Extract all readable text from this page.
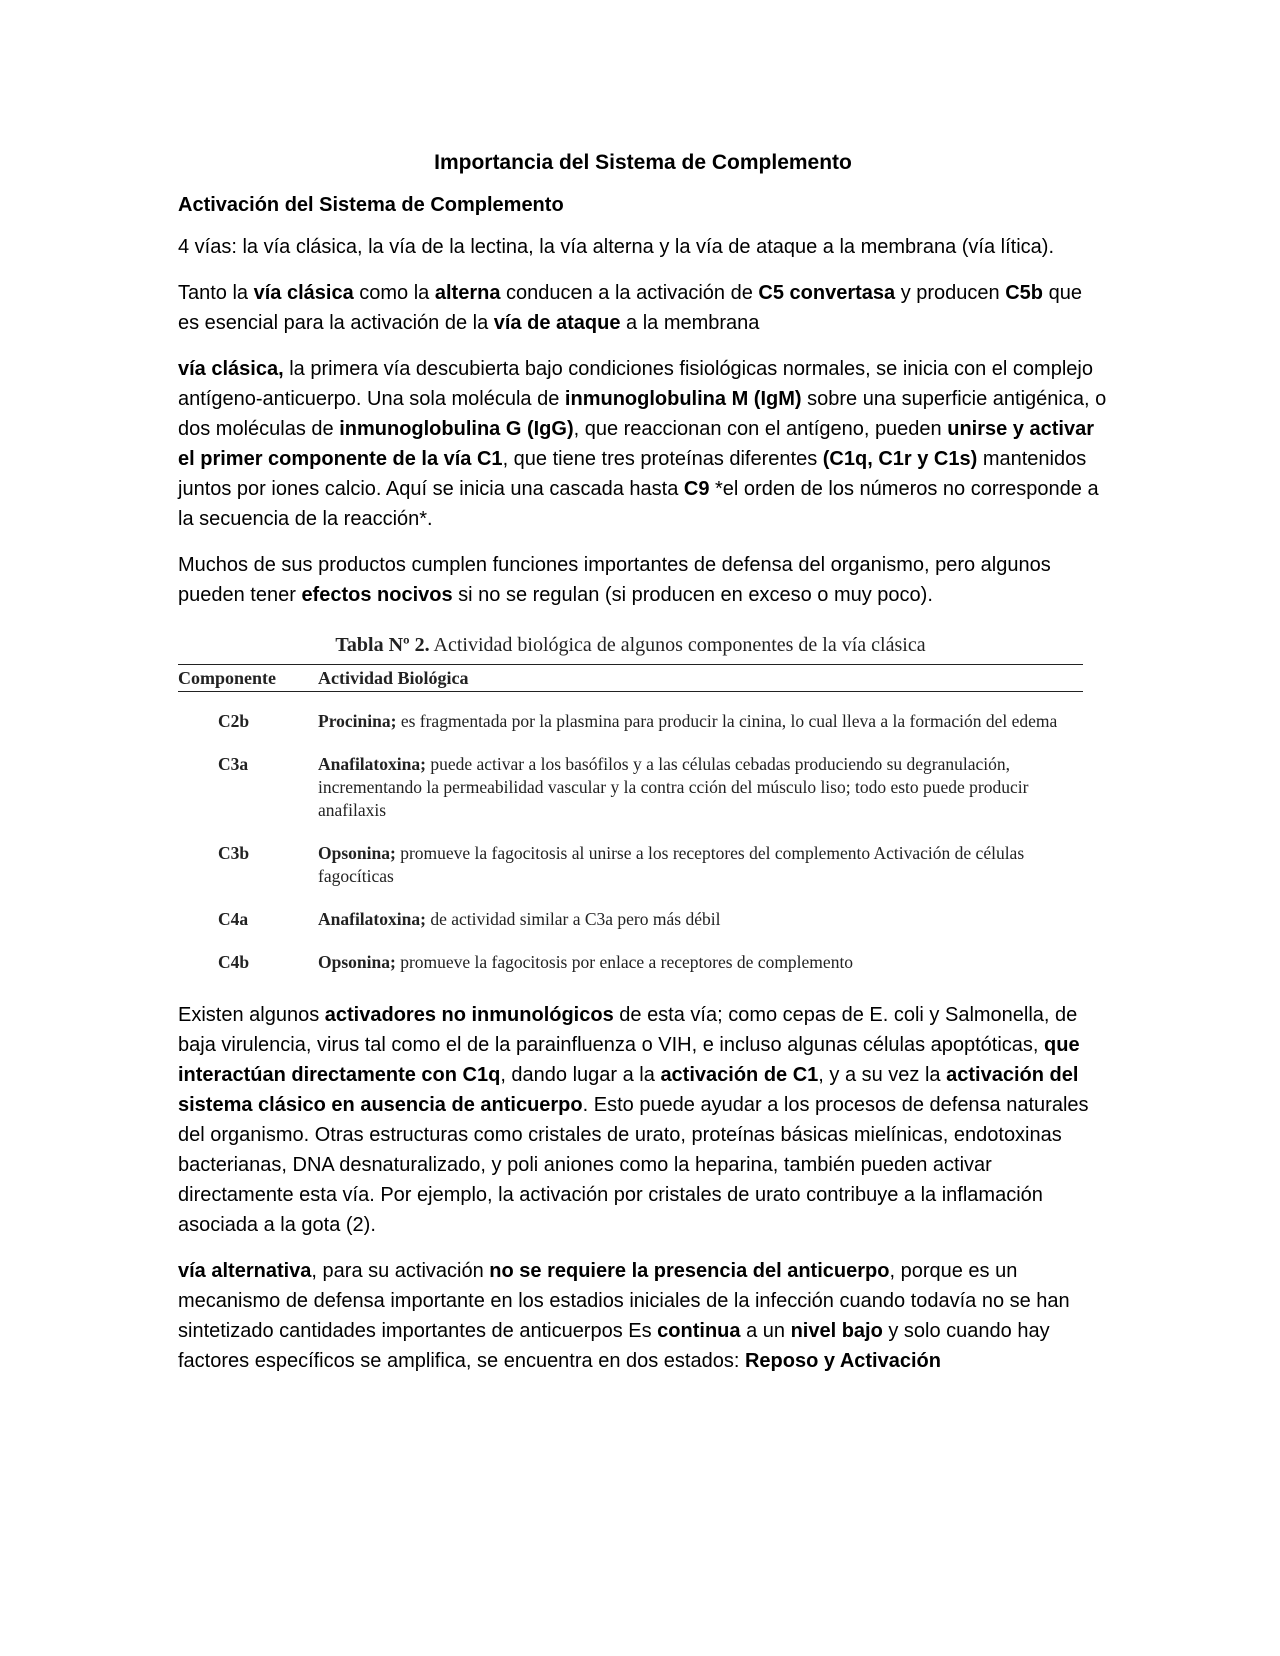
Importancia del Sistema de Complemento
Activación del Sistema de Complemento

4 vías: la vía clásica, la vía de la lectina, la vía alterna y la vía de ataque a la membrana (vía lítica).

Tanto la vía clásica como la alterna conducen a la activación de C5 convertasa y producen C5b que es esencial para la activación de la vía de ataque a la membrana

vía clásica, la primera vía descubierta bajo condiciones fisiológicas normales, se inicia con el complejo antígeno-anticuerpo. Una sola molécula de inmunoglobulina M (IgM) sobre una superficie antigénica, o dos moléculas de inmunoglobulina G (IgG), que reaccionan con el antígeno, pueden unirse y activar el primer componente de la vía C1, que tiene tres proteínas diferentes (C1q, C1r y C1s) mantenidos juntos por iones calcio. Aquí se inicia una cascada hasta C9 *el orden de los números no corresponde a la secuencia de la reacción*.

Muchos de sus productos cumplen funciones importantes de defensa del organismo, pero algunos pueden tener efectos nocivos si no se regulan (si producen en exceso o muy poco).

Tabla Nº 2. Actividad biológica de algunos componentes de la vía clásica
Componente	Actividad Biológica
C2b	Procinina; es fragmentada por la plasmina para producir la cinina, lo cual lleva a la formación del edema
C3a	Anafilatoxina; puede activar a los basófilos y a las células cebadas produciendo su degranulación, incrementando la permeabilidad vascular y la contra cción del músculo liso; todo esto puede producir anafilaxis
C3b	Opsonina; promueve la fagocitosis al unirse a los receptores del complemento Activación de células fagocíticas
C4a	Anafilatoxina; de actividad similar a C3a pero más débil
C4b	Opsonina; promueve la fagocitosis por enlace a receptores de complemento

Existen algunos activadores no inmunológicos de esta vía; como cepas de E. coli y Salmonella, de baja virulencia, virus tal como el de la parainfluenza o VIH, e incluso algunas células apoptóticas, que interactúan directamente con C1q, dando lugar a la activación de C1, y a su vez la activación del sistema clásico en ausencia de anticuerpo. Esto puede ayudar a los procesos de defensa naturales del organismo. Otras estructuras como cristales de urato, proteínas básicas mielínicas, endotoxinas bacterianas, DNA desnaturalizado, y poli aniones como la heparina, también pueden activar directamente esta vía. Por ejemplo, la activación por cristales de urato contribuye a la inflamación asociada a la gota (2).

vía alternativa, para su activación no se requiere la presencia del anticuerpo, porque es un mecanismo de defensa importante en los estadios iniciales de la infección cuando todavía no se han sintetizado cantidades importantes de anticuerpos Es continua a un nivel bajo y solo cuando hay factores específicos se amplifica, se encuentra en dos estados: Reposo y Activación
